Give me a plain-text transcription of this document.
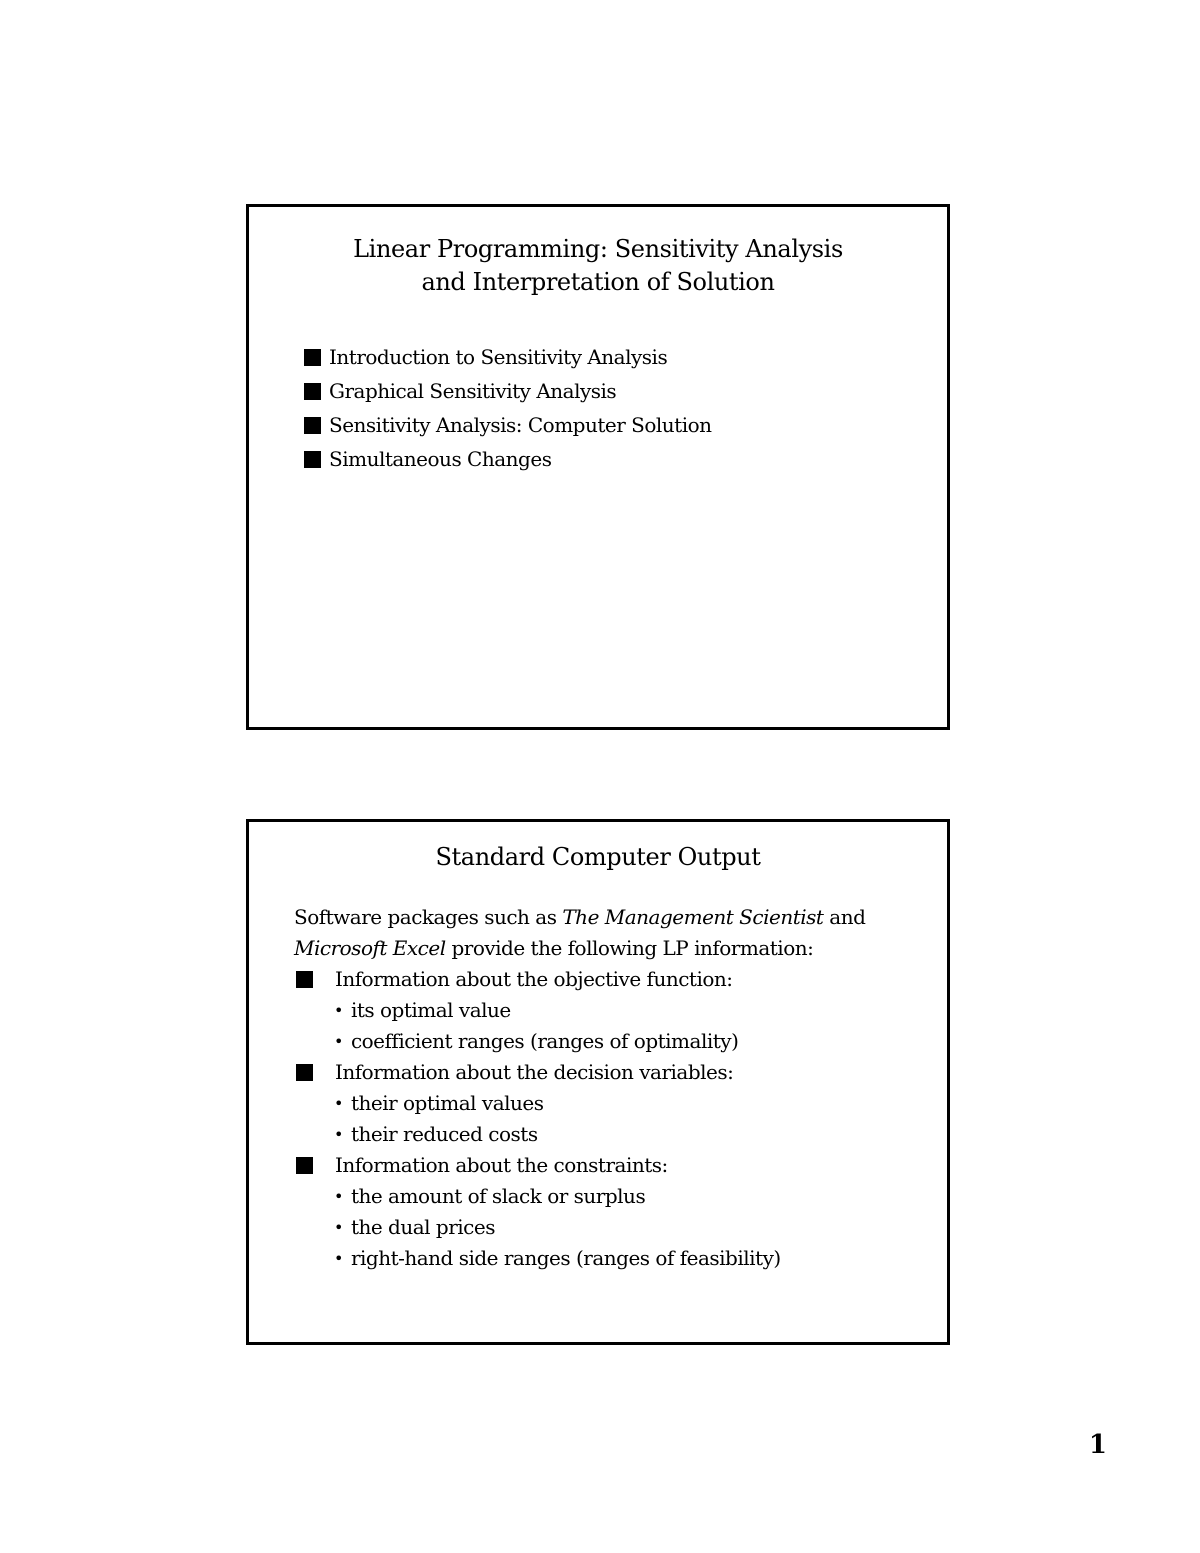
Linear Programming: Sensitivity Analysis
and Interpretation of Solution
Introduction to Sensitivity Analysis
Graphical Sensitivity Analysis
Sensitivity Analysis: Computer Solution
Simultaneous Changes
Standard Computer Output
Software packages such as The Management Scientist and
Microsoft Excel provide the following LP information:
Information about the objective function:
• its optimal value
• coefficient ranges (ranges of optimality)
Information about the decision variables:
• their optimal values
• their reduced costs
Information about the constraints:
• the amount of slack or surplus
• the dual prices
• right-hand side ranges (ranges of feasibility)
1
